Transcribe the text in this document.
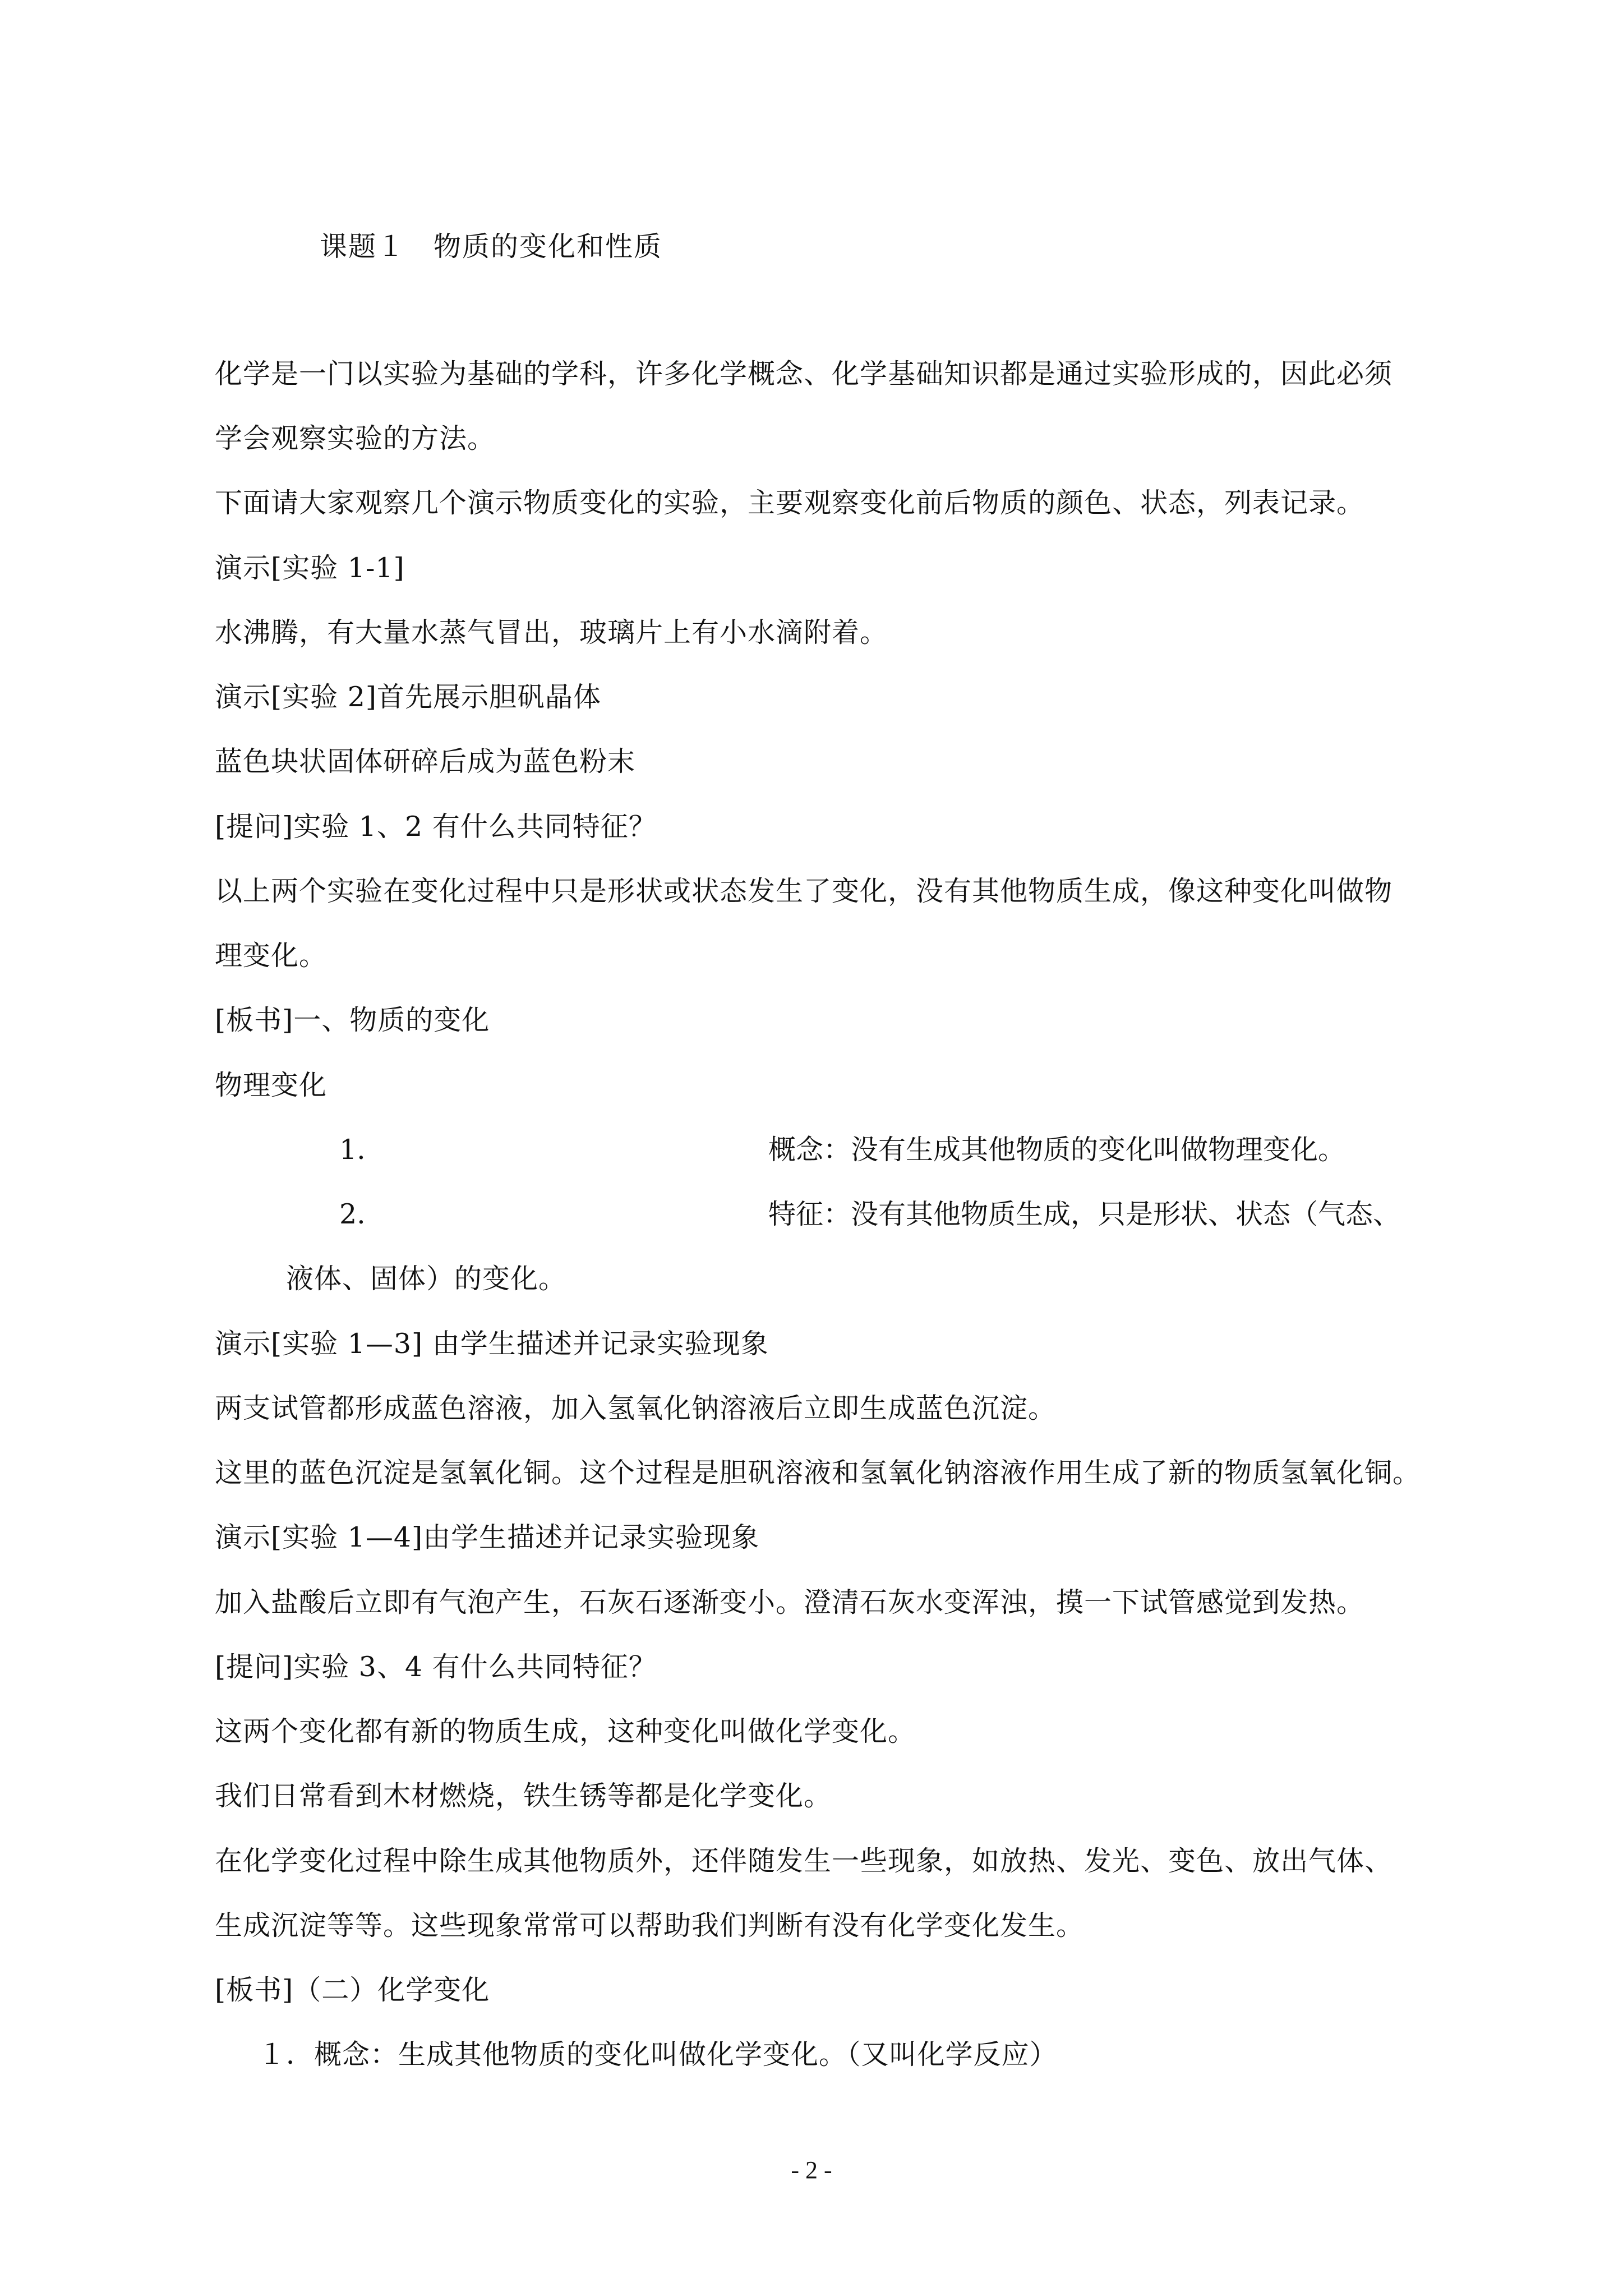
课题１ 物质的变化和性质
化学是一门以实验为基础的学科，许多化学概念、化学基础知识都是通过实验形成的，因此必须
学会观察实验的方法。
下面请大家观察几个演示物质变化的实验，主要观察变化前后物质的颜色、状态，列表记录。
演示[实验 1-1]
水沸腾，有大量水蒸气冒出，玻璃片上有小水滴附着。
演示[实验 2]首先展示胆矾晶体
蓝色块状固体研碎后成为蓝色粉末
[提问]实验 1、2 有什么共同特征？
以上两个实验在变化过程中只是形状或状态发生了变化，没有其他物质生成，像这种变化叫做物
理变化。
[板书]一、物质的变化
物理变化
1.	概念：没有生成其他物质的变化叫做物理变化。
2.	特征：没有其他物质生成，只是形状、状态（气态、
液体、固体）的变化。
演示[实验 1—3] 由学生描述并记录实验现象
两支试管都形成蓝色溶液，加入氢氧化钠溶液后立即生成蓝色沉淀。
这里的蓝色沉淀是氢氧化铜。这个过程是胆矾溶液和氢氧化钠溶液作用生成了新的物质氢氧化铜。
演示[实验 1—4]由学生描述并记录实验现象
加入盐酸后立即有气泡产生，石灰石逐渐变小。澄清石灰水变浑浊，摸一下试管感觉到发热。
[提问]实验 3、4 有什么共同特征？
这两个变化都有新的物质生成，这种变化叫做化学变化。
我们日常看到木材燃烧，铁生锈等都是化学变化。
在化学变化过程中除生成其他物质外，还伴随发生一些现象，如放热、发光、变色、放出气体、
生成沉淀等等。这些现象常常可以帮助我们判断有没有化学变化发生。
[板书]（二）化学变化
１．概念：生成其他物质的变化叫做化学变化。（又叫化学反应）
- 2 -
